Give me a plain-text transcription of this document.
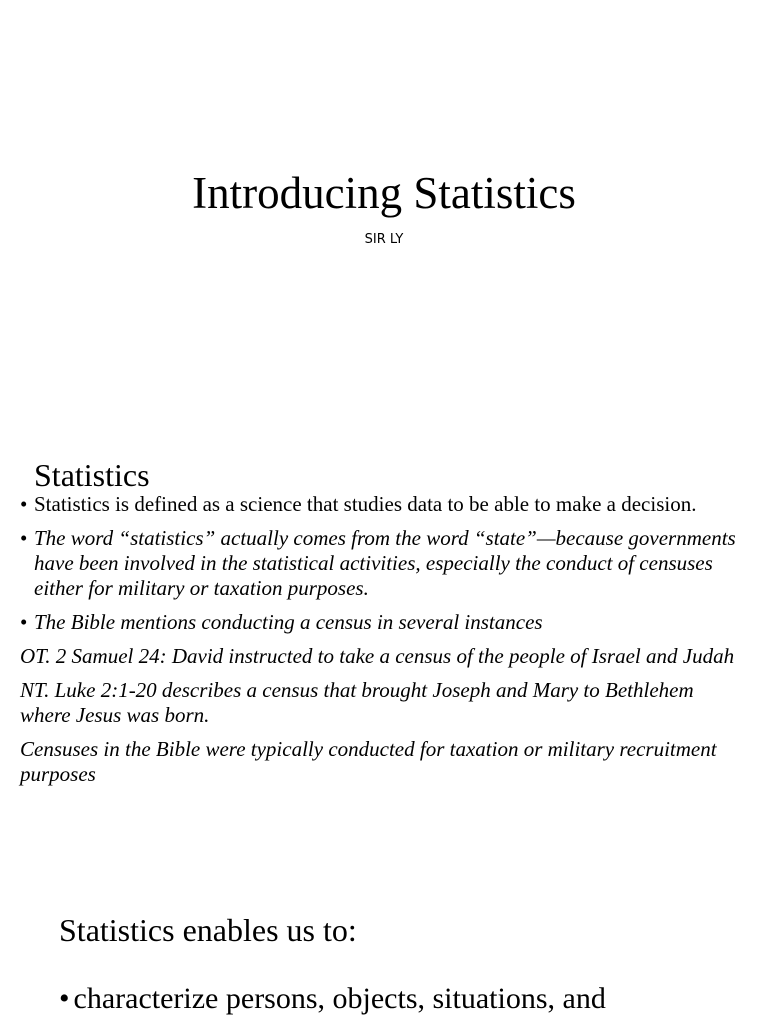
Introducing Statistics
SIR LY
Statistics
• Statistics is defined as a science that studies data to be able to make a decision.
• The word “statistics” actually comes from the word “state”—because governments have been involved in the statistical activities, especially the conduct of censuses either for military or taxation purposes.
• The Bible mentions conducting a census in several instances
OT. 2 Samuel 24: David instructed to take a census of the people of Israel and Judah
NT. Luke 2:1-20 describes a census that brought Joseph and Mary to Bethlehem where Jesus was born.
Censuses in the Bible were typically conducted for taxation or military recruitment purposes
Statistics enables us to:
• characterize persons, objects, situations, and
